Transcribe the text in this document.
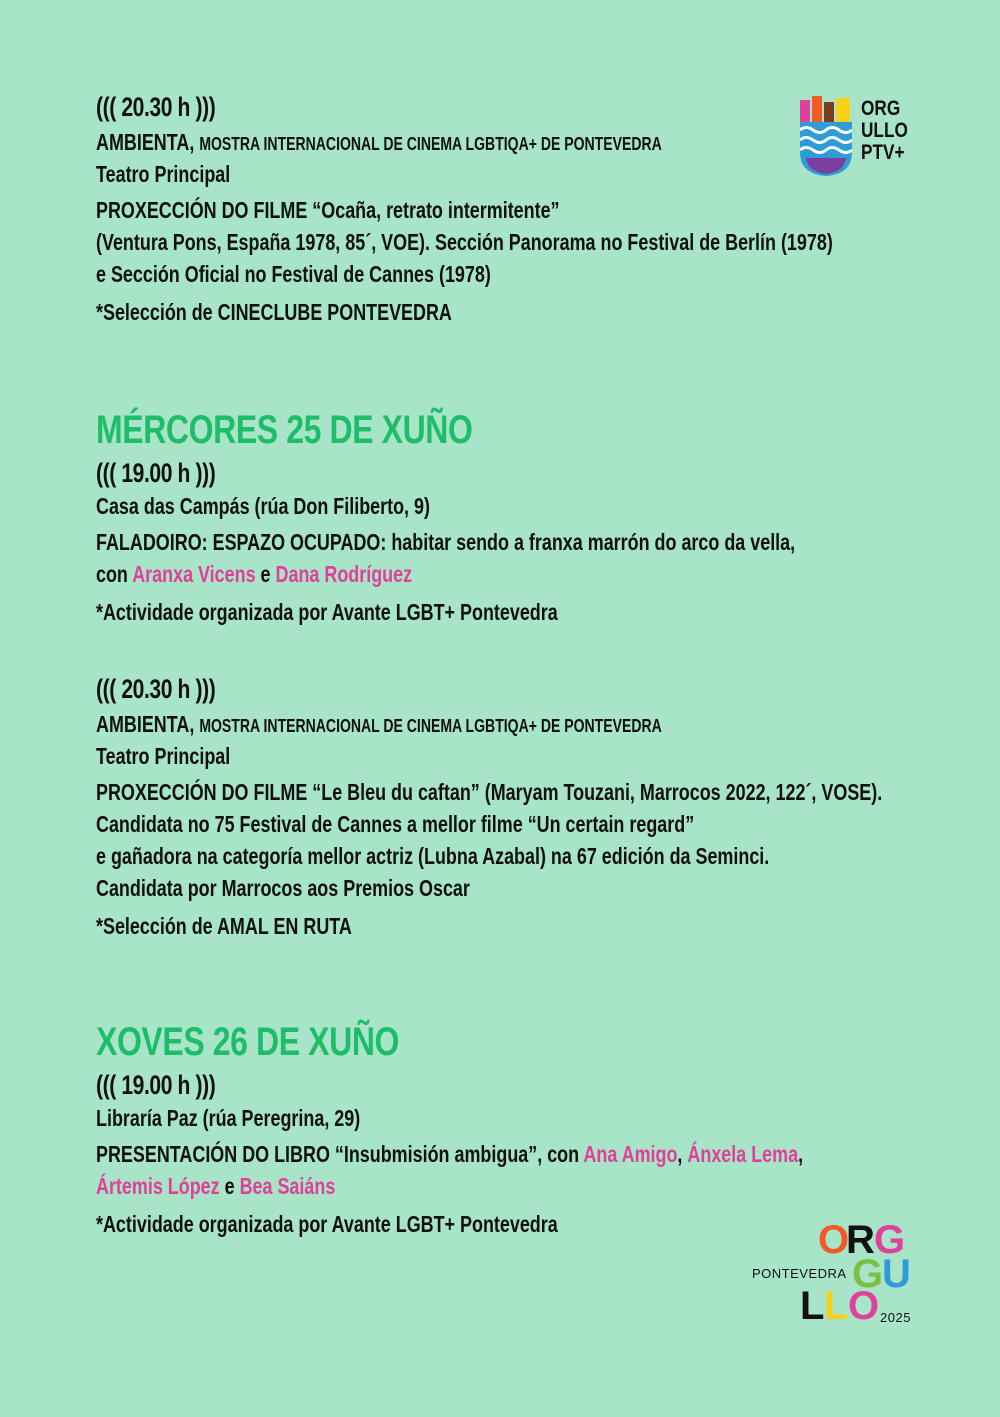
ORG
ULLO
PTV+
((( 20.30 h )))
AMBIENTA, MOSTRA INTERNACIONAL DE CINEMA LGBTIQA+ DE PONTEVEDRA
Teatro Principal
PROXECCIÓN DO FILME “Ocaña, retrato intermitente”
(Ventura Pons, España 1978, 85´, VOE). Sección Panorama no Festival de Berlín (1978)
e Sección Oficial no Festival de Cannes (1978)
*Selección de CINECLUBE PONTEVEDRA
MÉRCORES 25 DE XUÑO
((( 19.00 h )))
Casa das Campás (rúa Don Filiberto, 9)
FALADOIRO: ESPAZO OCUPADO: habitar sendo a franxa marrón do arco da vella,
con Aranxa Vicens e Dana Rodríguez
*Actividade organizada por Avante LGBT+ Pontevedra
((( 20.30 h )))
AMBIENTA, MOSTRA INTERNACIONAL DE CINEMA LGBTIQA+ DE PONTEVEDRA
Teatro Principal
PROXECCIÓN DO FILME “Le Bleu du caftan” (Maryam Touzani, Marrocos 2022, 122´, VOSE).
Candidata no 75 Festival de Cannes a mellor filme “Un certain regard”
e gañadora na categoría mellor actriz (Lubna Azabal) na 67 edición da Seminci.
Candidata por Marrocos aos Premios Oscar
*Selección de AMAL EN RUTA
XOVES 26 DE XUÑO
((( 19.00 h )))
Libraría Paz (rúa Peregrina, 29)
PRESENTACIÓN DO LIBRO “Insubmisión ambigua”, con Ana Amigo, Ánxela Lema,
Ártemis López e Bea Saiáns
*Actividade organizada por Avante LGBT+ Pontevedra	O
R G
PONTEVEDRA G
U
L L O 2025
